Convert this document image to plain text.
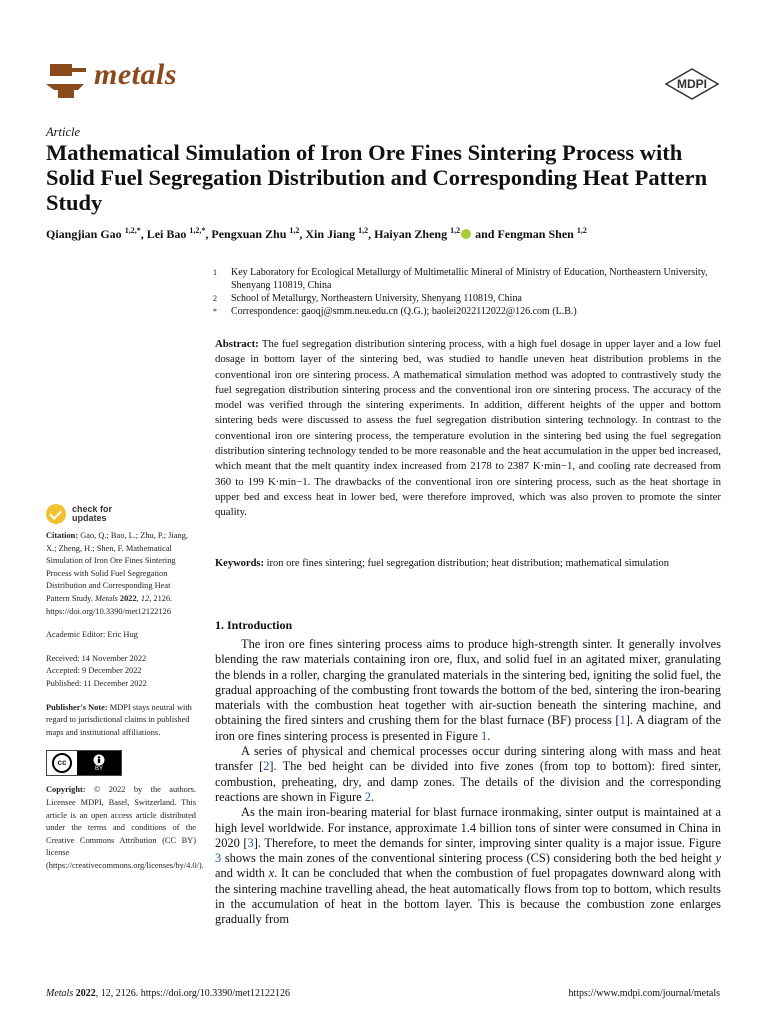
metals	MDPI
Article
Mathematical Simulation of Iron Ore Fines Sintering Process with Solid Fuel Segregation Distribution and Corresponding Heat Pattern Study
Qiangjian Gao $^{1,2,*}$, Lei Bao $^{1,2,*}$, Pengxuan Zhu $^{1,2}$, Xin Jiang $^{1,2}$, Haiyan Zheng $^{1,2}$ and Fengman Shen $^{1,2}$
1	Key Laboratory for Ecological Metallurgy of Multimetallic Mineral of Ministry of Education, Northeastern University, Shenyang 110819, China
2	School of Metallurgy, Northeastern University, Shenyang 110819, China
*	Correspondence: gaoqj@smm.neu.edu.cn (Q.G.); baolei2022112022@126.com (L.B.)
Abstract: The fuel segregation distribution sintering process, with a high fuel dosage in upper layer and a low fuel dosage in bottom layer of the sintering bed, was studied to handle uneven heat distribution problems in the conventional iron ore sintering process. A mathematical simulation method was adopted to contrastively study the fuel segregation distribution sintering process and the conventional iron ore sintering process. The accuracy of the model was verified through the sintering experiments. In addition, different heights of the upper and bottom sintering beds were discussed to assess the fuel segregation distribution sintering technology. In contrast to the conventional iron ore sintering process, the temperature evolution in the sintering bed using the fuel segregation distribution sintering technology tended to be more reasonable and the heat accumulation in the upper bed increased, which meant that the melt quantity index increased from 2178 to 2387 K·min−1, and cooling rate decreased from 360 to 199 K·min−1. The drawbacks of the conventional iron ore sintering process, such as the heat shortage in upper bed and excess heat in lower bed, were therefore improved, which was also proven to promote the sinter quality.
Keywords: iron ore fines sintering; fuel segregation distribution; heat distribution; mathematical simulation
1. Introduction

The iron ore fines sintering process aims to produce high-strength sinter. It generally involves blending the raw materials containing iron ore, flux, and solid fuel in an agitated mixer, granulating the blends in a roller, charging the granulated materials in the sintering bed, igniting the solid fuel, the gradual approaching of the combusting front towards the bottom of the bed, sintering the iron-bearing materials with the combustion heat together with air-suction beneath the sintering machine, and obtaining the fired sinters and crushing them for the blast furnace (BF) process [1]. A diagram of the iron ore fines sintering process is presented in Figure 1.

A series of physical and chemical processes occur during sintering along with mass and heat transfer [2]. The bed height can be divided into five zones (from top to bottom): fired sinter, combustion, preheating, dry, and damp zones. The details of the division and the corresponding reactions are shown in Figure 2.

As the main iron-bearing material for blast furnace ironmaking, sinter output is maintained at a high level worldwide. For instance, approximate 1.4 billion tons of sinter were consumed in China in 2020 [3]. Therefore, to meet the demands for sinter, improving sinter quality is a major issue. Figure 3 shows the main zones of the conventional sintering process (CS) considering both the bed height y and width x. It can be concluded that when the combustion of fuel propagates downward along with the sintering machine travelling ahead, the heat automatically flows from top to bottom, which results in the accumulation of heat in the bottom layer. This is because the combustion zone enlarges gradually from

check for
updates

Citation: Gao, Q.; Bao, L.; Zhu, P.; Jiang, X.; Zheng, H.; Shen, F. Mathematical Simulation of Iron Ore Fines Sintering Process with Solid Fuel Segregation Distribution and Corresponding Heat Pattern Study. Metals 2022, 12, 2126. https://doi.org/10.3390/met12122126

Academic Editor: Eric Hug

Received: 14 November 2022
Accepted: 9 December 2022

Published: 11 December 2022

Publisher's Note: MDPI stays neutral with regard to jurisdictional claims in published maps and institutional affiliations.

cc
BY

Copyright: © 2022 by the authors. Licensee MDPI, Basel, Switzerland. This article is an open access article distributed under the terms and conditions of the Creative Commons Attribution (CC BY) license (https://creativecommons.org/licenses/by/4.0/).

Metals 2022, 12, 2126. https://doi.org/10.3390/met12122126	https://www.mdpi.com/journal/metals
